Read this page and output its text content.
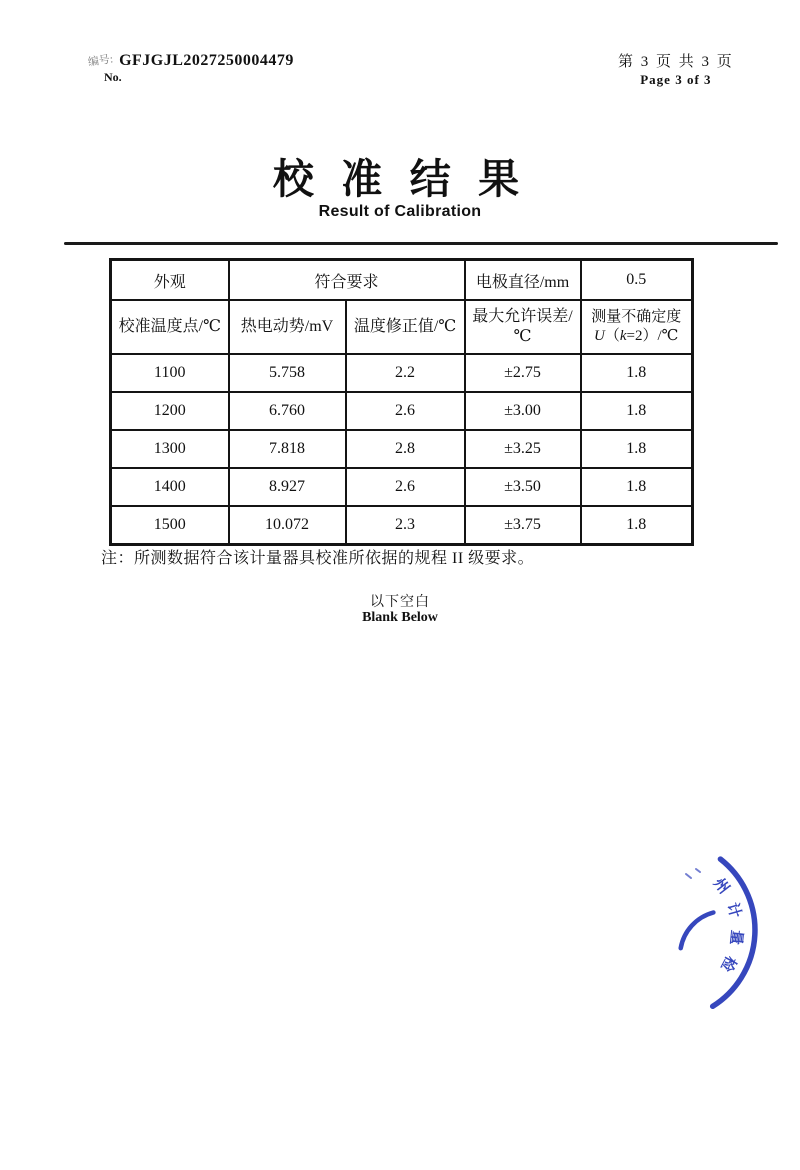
编号: GFJGJL2027250004479
No.
第 3 页 共 3 页
Page 3 of 3
校 准 结 果
Result of Calibration
外观	符合要求		电极直径/mm	0.5
校准温度点/℃	热电动势/mV	温度修正值/℃	最大允许误差/℃	测量不确定度
U（k=2）/℃
1100	5.758	2.2	±2.75	1.8
1200	6.760	2.6	±3.00	1.8
1300	7.818	2.8	±3.25	1.8
1400	8.927	2.6	±3.50	1.8
1500	10.072	2.3	±3.75	1.8
注：所测数据符合该计量器具校准所依据的规程 II 级要求。
以下空白
Blank Below
州
计
量
检
